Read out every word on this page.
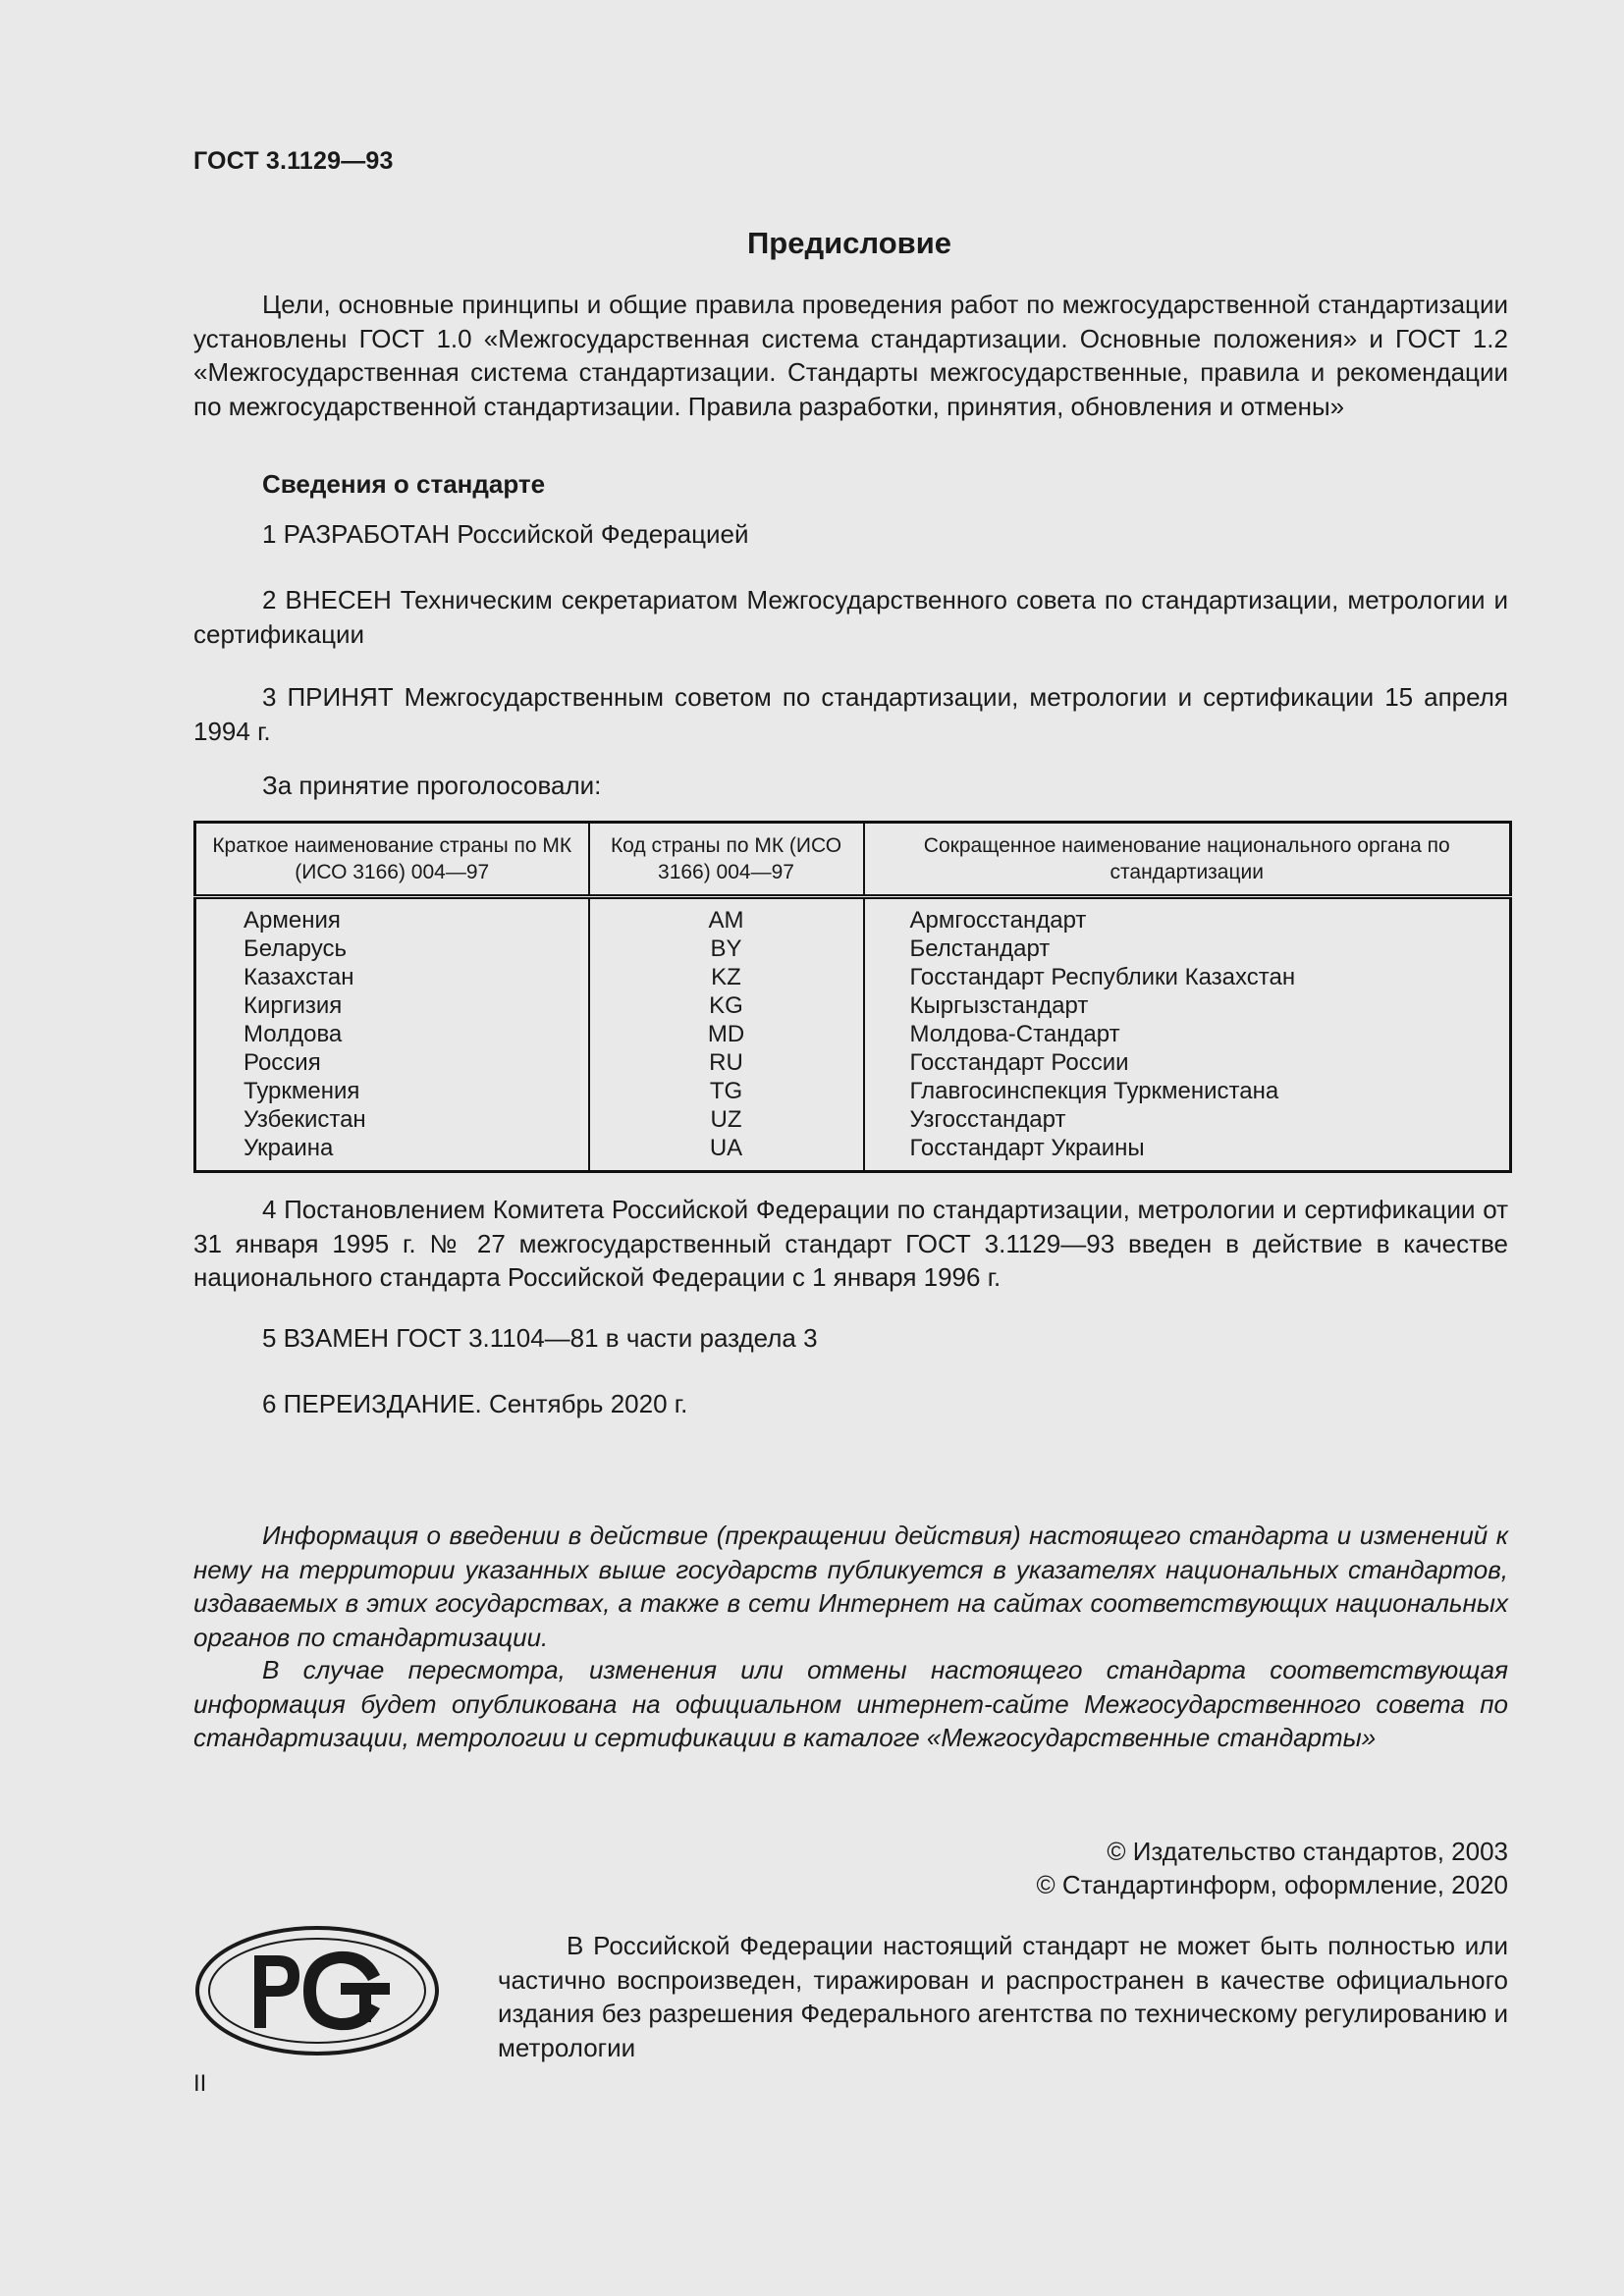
ГОСТ 3.1129—93
Предисловие
Цели, основные принципы и общие правила проведения работ по межгосударственной стандартизации установлены ГОСТ 1.0 «Межгосударственная система стандартизации. Основные положения» и ГОСТ 1.2 «Межгосударственная система стандартизации. Стандарты межгосударственные, правила и рекомендации по межгосударственной стандартизации. Правила разработки, принятия, обновления и отмены»
Сведения о стандарте
1 РАЗРАБОТАН Российской Федерацией
2 ВНЕСЕН Техническим секретариатом Межгосударственного совета по стандартизации, метрологии и сертификации
3 ПРИНЯТ Межгосударственным советом по стандартизации, метрологии и сертификации 15 апреля 1994 г.
За принятие проголосовали:
Краткое наименование страны по МК (ИСО 3166) 004—97	Код страны по МК (ИСО 3166) 004—97	Сокращенное наименование национального органа по стандартизации
Армения	AM	Армгосстандарт
Беларусь	BY	Белстандарт
Казахстан	KZ	Госстандарт Республики Казахстан
Киргизия	KG	Кыргызстандарт
Молдова	MD	Молдова-Стандарт
Россия	RU	Госстандарт России
Туркмения	TG	Главгосинспекция Туркменистана
Узбекистан	UZ	Узгосстандарт
Украина	UA	Госстандарт Украины
4 Постановлением Комитета Российской Федерации по стандартизации, метрологии и сертификации от 31 января 1995 г. № 27 межгосударственный стандарт ГОСТ 3.1129—93 введен в действие в качестве национального стандарта Российской Федерации с 1 января 1996 г.
5 ВЗАМЕН ГОСТ 3.1104—81 в части раздела 3
6 ПЕРЕИЗДАНИЕ. Сентябрь 2020 г.
Информация о введении в действие (прекращении действия) настоящего стандарта и изменений к нему на территории указанных выше государств публикуется в указателях национальных стандартов, издаваемых в этих государствах, а также в сети Интернет на сайтах соответствующих национальных органов по стандартизации.
В случае пересмотра, изменения или отмены настоящего стандарта соответствующая информация будет опубликована на официальном интернет-сайте Межгосударственного совета по стандартизации, метрологии и сертификации в каталоге «Межгосударственные стандарты»
© Издательство стандартов, 2003
© Стандартинформ, оформление, 2020
В Российской Федерации настоящий стандарт не может быть полностью или частично воспроизведен, тиражирован и распространен в качестве официального издания без разрешения Федерального агентства по техническому регулированию и метрологии
II
